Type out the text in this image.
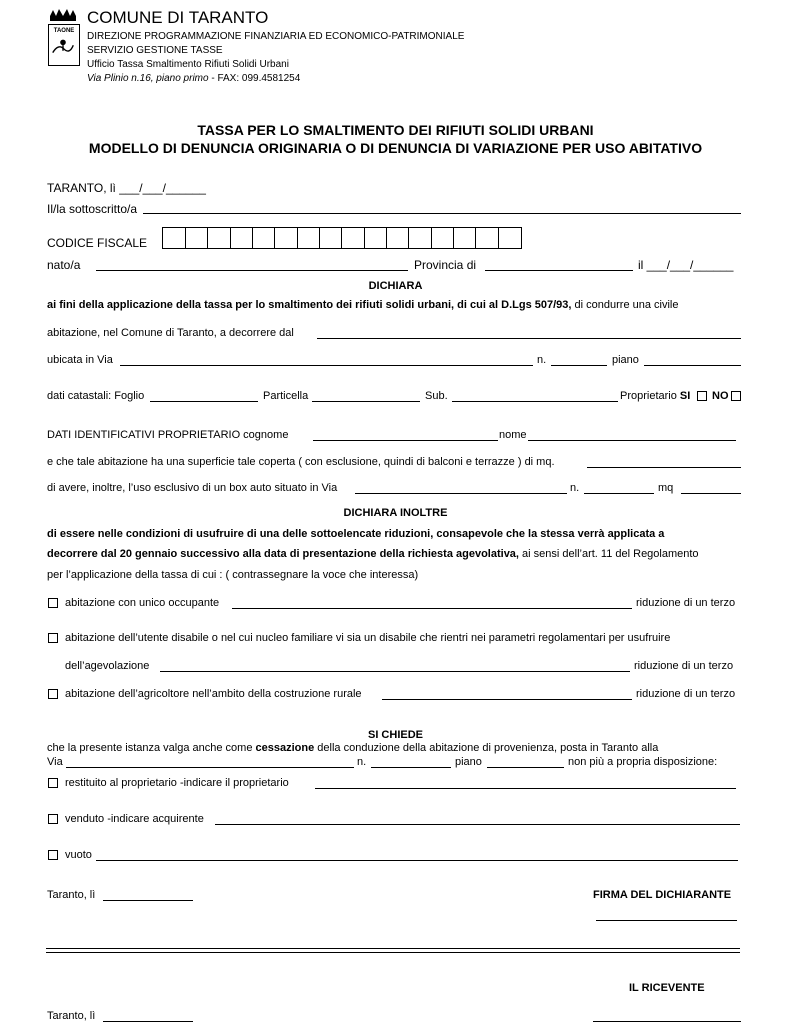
TAONE
COMUNE DI TARANTO
DIREZIONE PROGRAMMAZIONE FINANZIARIA ED ECONOMICO-PATRIMONIALE
SERVIZIO GESTIONE TASSE
Ufficio Tassa Smaltimento Rifiuti Solidi Urbani
Via Plinio n.16, piano primo - FAX: 099.4581254
TASSA PER LO SMALTIMENTO DEI RIFIUTI SOLIDI URBANI
MODELLO DI DENUNCIA ORIGINARIA O DI DENUNCIA DI VARIAZIONE PER USO ABITATIVO
TARANTO, lì ___/___/______
Il/la sottoscritto/a
CODICE FISCALE
nato/a	Provincia di	il ___/___/______
DICHIARA
ai fini della applicazione della tassa per lo smaltimento dei rifiuti solidi urbani, di cui al D.Lgs 507/93, di condurre una civile
abitazione, nel Comune di Taranto, a decorrere dal
ubicata in Via	n.	piano
dati catastali: Foglio	Particella	Sub.	Proprietario SI NO
DATI IDENTIFICATIVI PROPRIETARIO cognome	nome
e che tale abitazione ha una superficie tale coperta ( con esclusione, quindi di balconi e terrazze ) di mq.
di avere, inoltre, l’uso esclusivo di un box auto situato in Via	n.	mq
DICHIARA INOLTRE
di essere nelle condizioni di usufruire di una delle sottoelencate riduzioni, consapevole che la stessa verrà applicata a
decorrere dal 20 gennaio successivo alla data di presentazione della richiesta agevolativa, ai sensi dell’art. 11 del Regolamento
per l’applicazione della tassa di cui : ( contrassegnare la voce che interessa)
abitazione con unico occupante	riduzione di un terzo
abitazione dell’utente disabile o nel cui nucleo familiare vi sia un disabile che rientri nei parametri regolamentari per usufruire
dell’agevolazione	riduzione di un terzo
abitazione dell’agricoltore nell’ambito della costruzione rurale	riduzione di un terzo
SI CHIEDE
che la presente istanza valga anche come cessazione della conduzione della abitazione di provenienza, posta in Taranto alla
Via	n.	piano	non più a propria disposizione:
restituito al proprietario -indicare il proprietario
venduto -indicare acquirente
vuoto
Taranto, lì	FIRMA DEL DICHIARANTE
IL RICEVENTE
Taranto, lì
